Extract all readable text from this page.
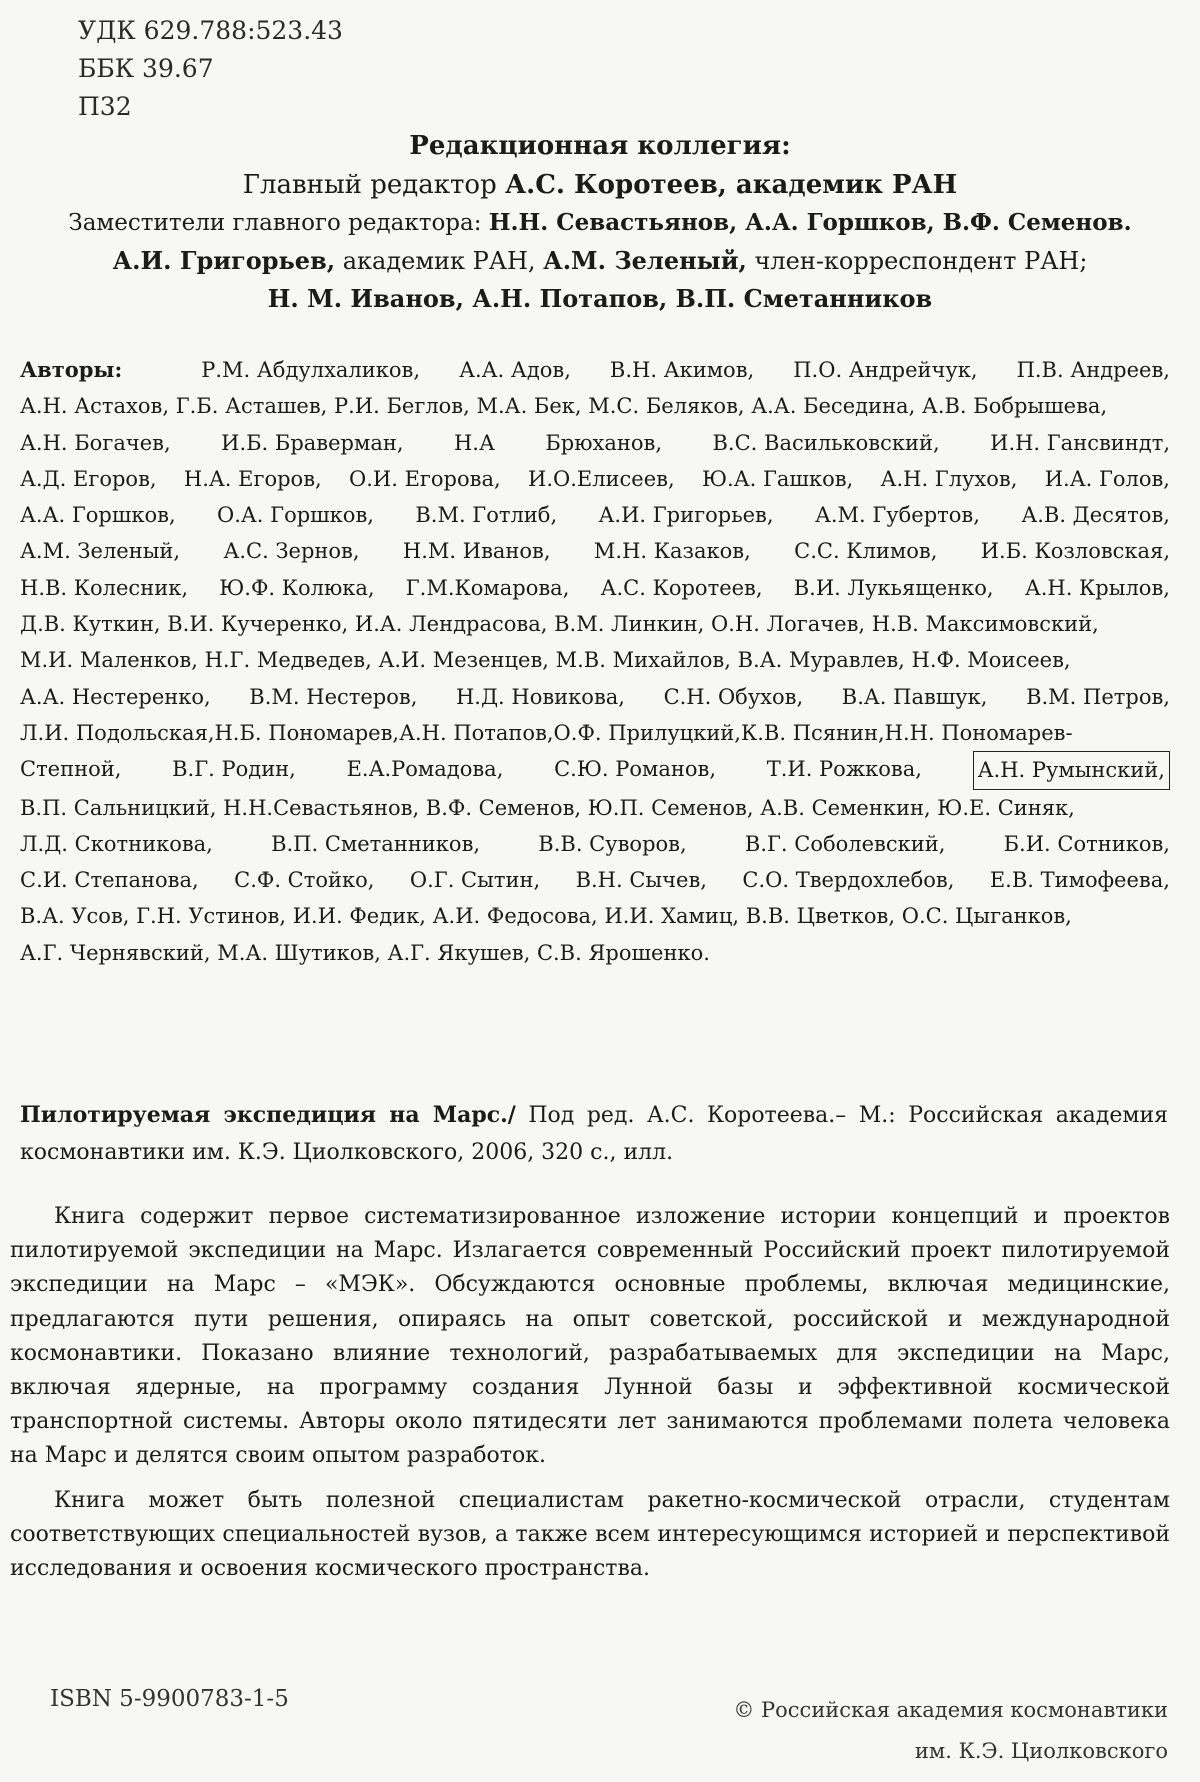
УДК 629.788:523.43
ББК 39.67
П32
Редакционная коллегия:
Главный редактор А.С. Коротеев, академик РАН
Заместители главного редактора: Н.Н. Севастьянов, А.А. Горшков, В.Ф. Семенов.
А.И. Григорьев, академик РАН, А.М. Зеленый, член-корреспондент РАН;
Н. М. Иванов, А.Н. Потапов, В.П. Сметанников
Авторы:	Р.М. Абдулхаликов, А.А. Адов, В.Н. Акимов, П.О. Андрейчук, П.В. Андреев,
А.Н. Астахов, Г.Б. Асташев, Р.И. Беглов, М.А. Бек, М.С. Беляков, А.А. Беседина, А.В. Бобрышева,
А.Н. Богачев, И.Б. Браверман, Н.А Брюханов, В.С. Васильковский, И.Н. Гансвиндт,
А.Д. Егоров, Н.А. Егоров, О.И. Егорова, И.О.Елисеев, Ю.А. Гашков, А.Н. Глухов, И.А. Голов,
А.А. Горшков, О.А. Горшков, В.М. Готлиб, А.И. Григорьев, А.М. Губертов, А.В. Десятов,
А.М. Зеленый, А.С. Зернов, Н.М. Иванов, М.Н. Казаков, С.С. Климов, И.Б. Козловская,
Н.В. Колесник, Ю.Ф. Колюка, Г.М.Комарова, А.С. Коротеев, В.И. Лукьященко, А.Н. Крылов,
Д.В. Куткин, В.И. Кучеренко, И.А. Лендрасова, В.М. Линкин, О.Н. Логачев, Н.В. Максимовский,
М.И. Маленков, Н.Г. Медведев, А.И. Мезенцев, М.В. Михайлов, В.А. Муравлев, Н.Ф. Моисеев,
А.А. Нестеренко, В.М. Нестеров, Н.Д. Новикова, С.Н. Обухов, В.А. Павшук, В.М. Петров,
Л.И. Подольская,Н.Б. Пономарев,А.Н. Потапов,О.Ф. Прилуцкий,К.В. Псянин,Н.Н. Пономарев-
Степной, В.Г. Родин, Е.А.Ромадова, С.Ю. Романов, Т.И. Рожкова,	А.Н. Румынский,
В.П. Сальницкий, Н.Н.Севастьянов, В.Ф. Семенов, Ю.П. Семенов, А.В. Семенкин, Ю.Е. Синяк,
Л.Д. Скотникова,	В.П. Сметанников,	В.В. Суворов,	В.Г. Соболевский,	Б.И. Сотников,
С.И. Степанова, С.Ф. Стойко, О.Г. Сытин, В.Н. Сычев, С.О. Твердохлебов, Е.В. Тимофеева,
В.А. Усов, Г.Н. Устинов, И.И. Федик, А.И. Федосова, И.И. Хамиц, В.В. Цветков, О.С. Цыганков,
А.Г. Чернявский, М.А. Шутиков, А.Г. Якушев, С.В. Ярошенко.
Пилотируемая экспедиция на Марс./ Под ред. А.С. Коротеева.– М.: Российская академия космонавтики им. К.Э. Циолковского, 2006, 320 с., илл.

Книга содержит первое систематизированное изложение истории концепций и проектов пилотируемой экспедиции на Марс. Излагается современный Российский проект пилотируемой экспедиции на Марс – «МЭК». Обсуждаются основные проблемы, включая медицинские, предлагаются пути решения, опираясь на опыт советской, российской и международной космонавтики. Показано влияние технологий, разрабатываемых для экспедиции на Марс, включая ядерные, на программу создания Лунной базы и эффективной космической транспортной системы. Авторы около пятидесяти лет занимаются проблемами полета человека на Марс и делятся своим опытом разработок.

Книга может быть полезной специалистам ракетно-космической отрасли, студентам соответствующих специальностей вузов, а также всем интересующимся историей и перспективой исследования и освоения космического пространства.

ISBN 5-9900783-1-5	© Российская академия космонавтики
им. К.Э. Циолковского
